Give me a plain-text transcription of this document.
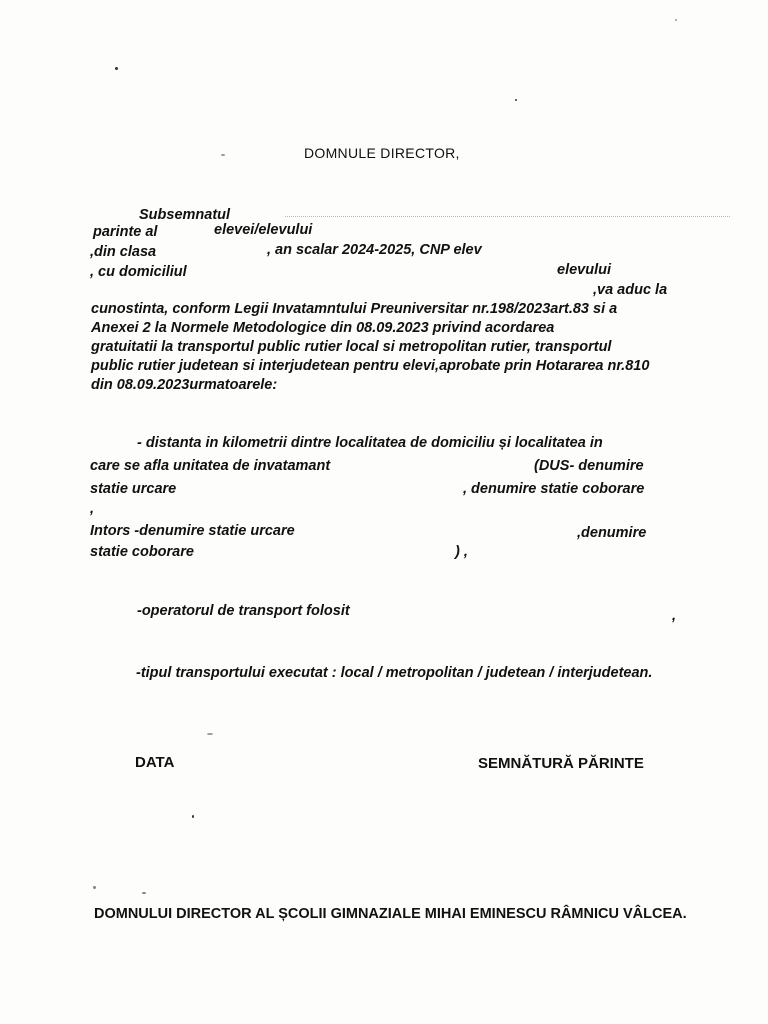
DOMNULE DIRECTOR,
Subsemnatul
parinte al	elevei/elevului
,din clasa	, an scalar 2024-2025, CNP elev
, cu domiciliul	elevului
,va aduc la
cunostinta, conform Legii Invatamntului Preuniversitar nr.198/2023art.83 si a
Anexei 2 la Normele Metodologice din 08.09.2023 privind acordarea
gratuitatii la transportul public rutier local si metropolitan rutier, transportul
public rutier judetean si interjudetean pentru elevi,aprobate prin Hotararea nr.810
din 08.09.2023urmatoarele:
- distanta in kilometrii dintre localitatea de domiciliu și localitatea in
care se afla unitatea de invatamant	(DUS- denumire
statie urcare	, denumire statie coborare
,
Intors -denumire statie urcare	,denumire
statie coborare	) ,
-operatorul de transport folosit	,
-tipul transportului executat : local / metropolitan / judetean / interjudetean.
DATA	SEMNĂTURĂ PĂRINTE
DOMNULUI DIRECTOR AL ȘCOLII GIMNAZIALE MIHAI EMINESCU RÂMNICU VÂLCEA.
